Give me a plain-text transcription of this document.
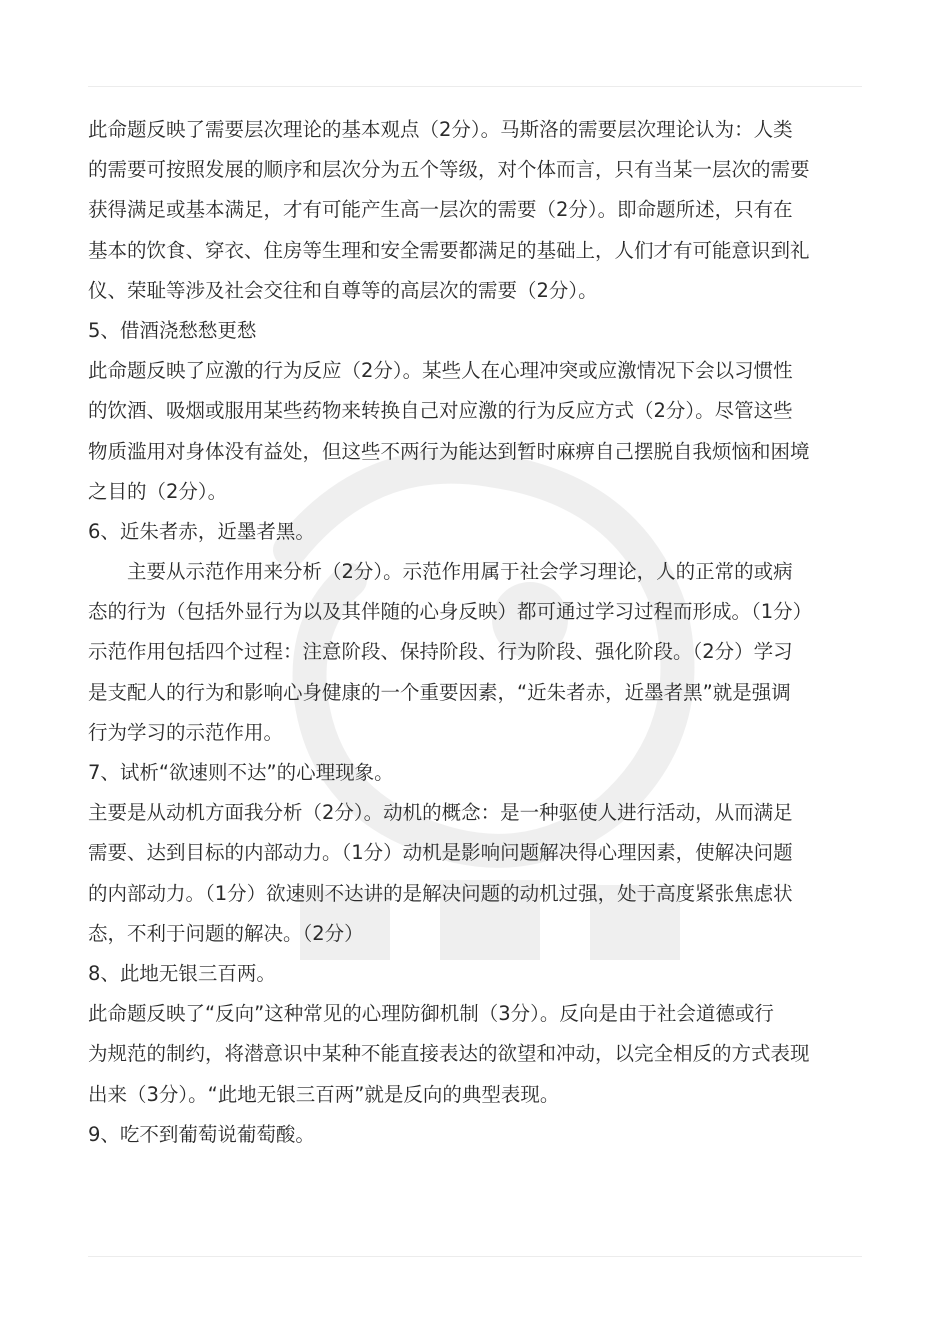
此命题反映了需要层次理论的基本观点（2分）。马斯洛的需要层次理论认为：人类
的需要可按照发展的顺序和层次分为五个等级，对个体而言，只有当某一层次的需要
获得满足或基本满足，才有可能产生高一层次的需要（2分）。即命题所述，只有在
基本的饮食、穿衣、住房等生理和安全需要都满足的基础上，人们才有可能意识到礼
仪、荣耻等涉及社会交往和自尊等的高层次的需要（2分）。
5、借酒浇愁愁更愁
此命题反映了应激的行为反应（2分）。某些人在心理冲突或应激情况下会以习惯性
的饮酒、吸烟或服用某些药物来转换自己对应激的行为反应方式（2分）。尽管这些
物质滥用对身体没有益处，但这些不两行为能达到暂时麻痹自己摆脱自我烦恼和困境
之目的（2分）。
6、近朱者赤，近墨者黑。
主要从示范作用来分析（2分）。示范作用属于社会学习理论，人的正常的或病
态的行为（包括外显行为以及其伴随的心身反映）都可通过学习过程而形成。（1分）
示范作用包括四个过程：注意阶段、保持阶段、行为阶段、强化阶段。（2分）学习
是支配人的行为和影响心身健康的一个重要因素，“近朱者赤，近墨者黑”就是强调
行为学习的示范作用。
7、试析“欲速则不达”的心理现象。
主要是从动机方面我分析（2分）。动机的概念：是一种驱使人进行活动，从而满足
需要、达到目标的内部动力。（1分）动机是影响问题解决得心理因素，使解决问题
的内部动力。（1分）欲速则不达讲的是解决问题的动机过强，处于高度紧张焦虑状
态，不利于问题的解决。（2分）
8、此地无银三百两。
此命题反映了“反向”这种常见的心理防御机制（3分）。反向是由于社会道德或行
为规范的制约，将潜意识中某种不能直接表达的欲望和冲动，以完全相反的方式表现
出来（3分）。“此地无银三百两”就是反向的典型表现。
9、吃不到葡萄说葡萄酸。
